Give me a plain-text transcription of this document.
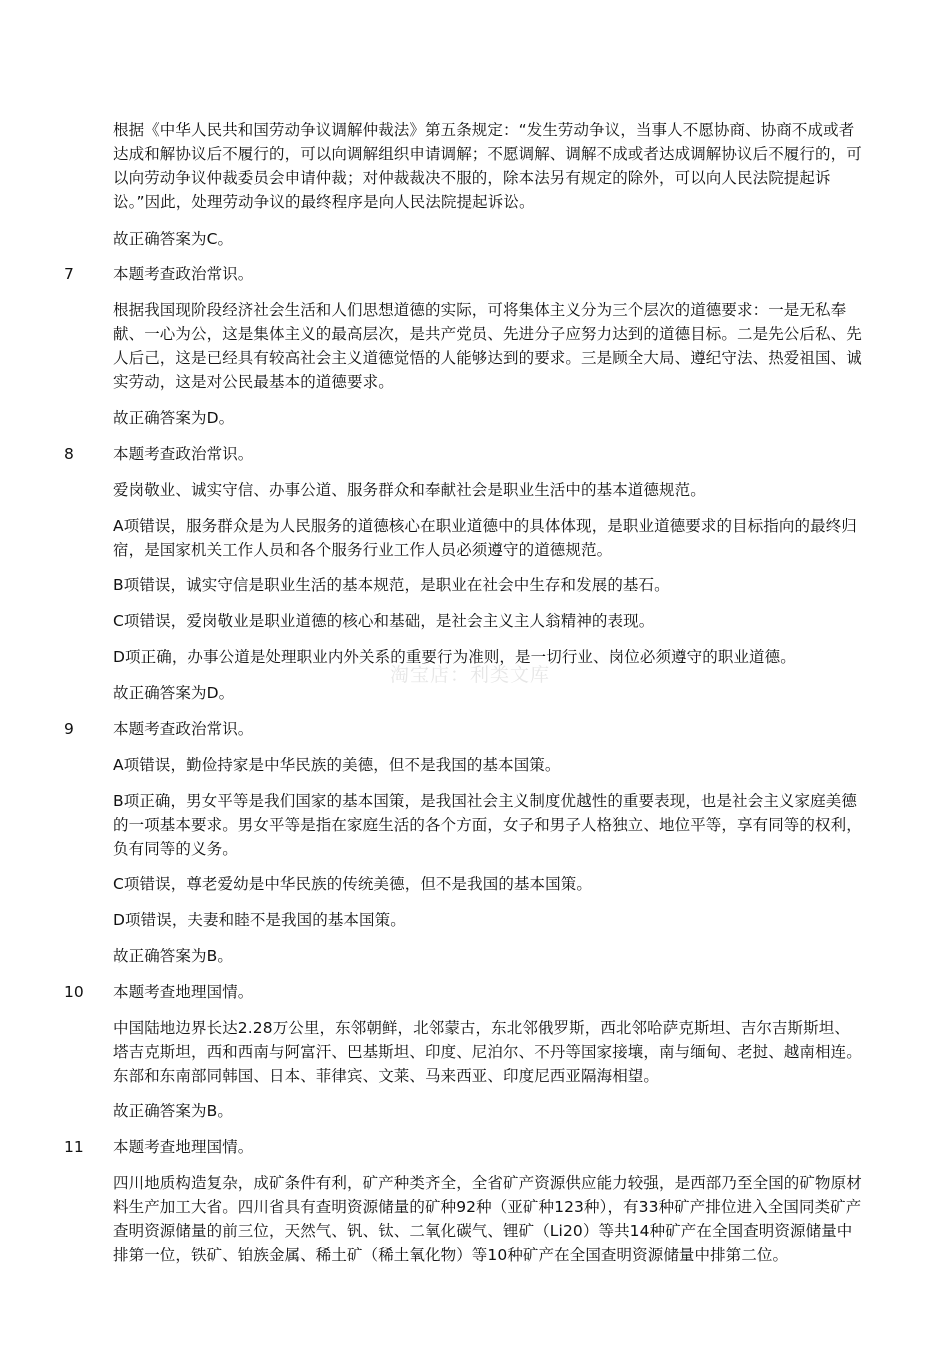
淘宝店：利类文库

根据《中华人民共和国劳动争议调解仲裁法》第五条规定：“发生劳动争议，当事人不愿协商、协商不成或者达成和解协议后不履行的，可以向调解组织申请调解；不愿调解、调解不成或者达成调解协议后不履行的，可以向劳动争议仲裁委员会申请仲裁；对仲裁裁决不服的，除本法另有规定的除外，可以向人民法院提起诉讼。”因此，处理劳动争议的最终程序是向人民法院提起诉讼。

故正确答案为C。

7	本题考查政治常识。

根据我国现阶段经济社会生活和人们思想道德的实际，可将集体主义分为三个层次的道德要求：一是无私奉献、一心为公，这是集体主义的最高层次，是共产党员、先进分子应努力达到的道德目标。二是先公后私、先人后己，这是已经具有较高社会主义道德觉悟的人能够达到的要求。三是顾全大局、遵纪守法、热爱祖国、诚实劳动，这是对公民最基本的道德要求。

故正确答案为D。

8	本题考查政治常识。

爱岗敬业、诚实守信、办事公道、服务群众和奉献社会是职业生活中的基本道德规范。

A项错误，服务群众是为人民服务的道德核心在职业道德中的具体体现，是职业道德要求的目标指向的最终归宿，是国家机关工作人员和各个服务行业工作人员必须遵守的道德规范。

B项错误，诚实守信是职业生活的基本规范，是职业在社会中生存和发展的基石。

C项错误，爱岗敬业是职业道德的核心和基础，是社会主义主人翁精神的表现。

D项正确，办事公道是处理职业内外关系的重要行为准则，是一切行业、岗位必须遵守的职业道德。

故正确答案为D。

9	本题考查政治常识。

A项错误，勤俭持家是中华民族的美德，但不是我国的基本国策。

B项正确，男女平等是我们国家的基本国策，是我国社会主义制度优越性的重要表现，也是社会主义家庭美德的一项基本要求。男女平等是指在家庭生活的各个方面，女子和男子人格独立、地位平等，享有同等的权利，负有同等的义务。

C项错误，尊老爱幼是中华民族的传统美德，但不是我国的基本国策。

D项错误，夫妻和睦不是我国的基本国策。

故正确答案为B。

10 本题考查地理国情。

中国陆地边界长达2.28万公里，东邻朝鲜，北邻蒙古，东北邻俄罗斯，西北邻哈萨克斯坦、吉尔吉斯斯坦、塔吉克斯坦，西和西南与阿富汗、巴基斯坦、印度、尼泊尔、不丹等国家接壤，南与缅甸、老挝、越南相连。东部和东南部同韩国、日本、菲律宾、文莱、马来西亚、印度尼西亚隔海相望。

故正确答案为B。

11 本题考查地理国情。

四川地质构造复杂，成矿条件有利，矿产种类齐全，全省矿产资源供应能力较强，是西部乃至全国的矿物原材料生产加工大省。四川省具有查明资源储量的矿种92种（亚矿种123种），有33种矿产排位进入全国同类矿产查明资源储量的前三位，天然气、钒、钛、二氧化碳气、锂矿（Li20）等共14种矿产在全国查明资源储量中排第一位，铁矿、铂族金属、稀土矿（稀土氧化物）等10种矿产在全国查明资源储量中排第二位。
